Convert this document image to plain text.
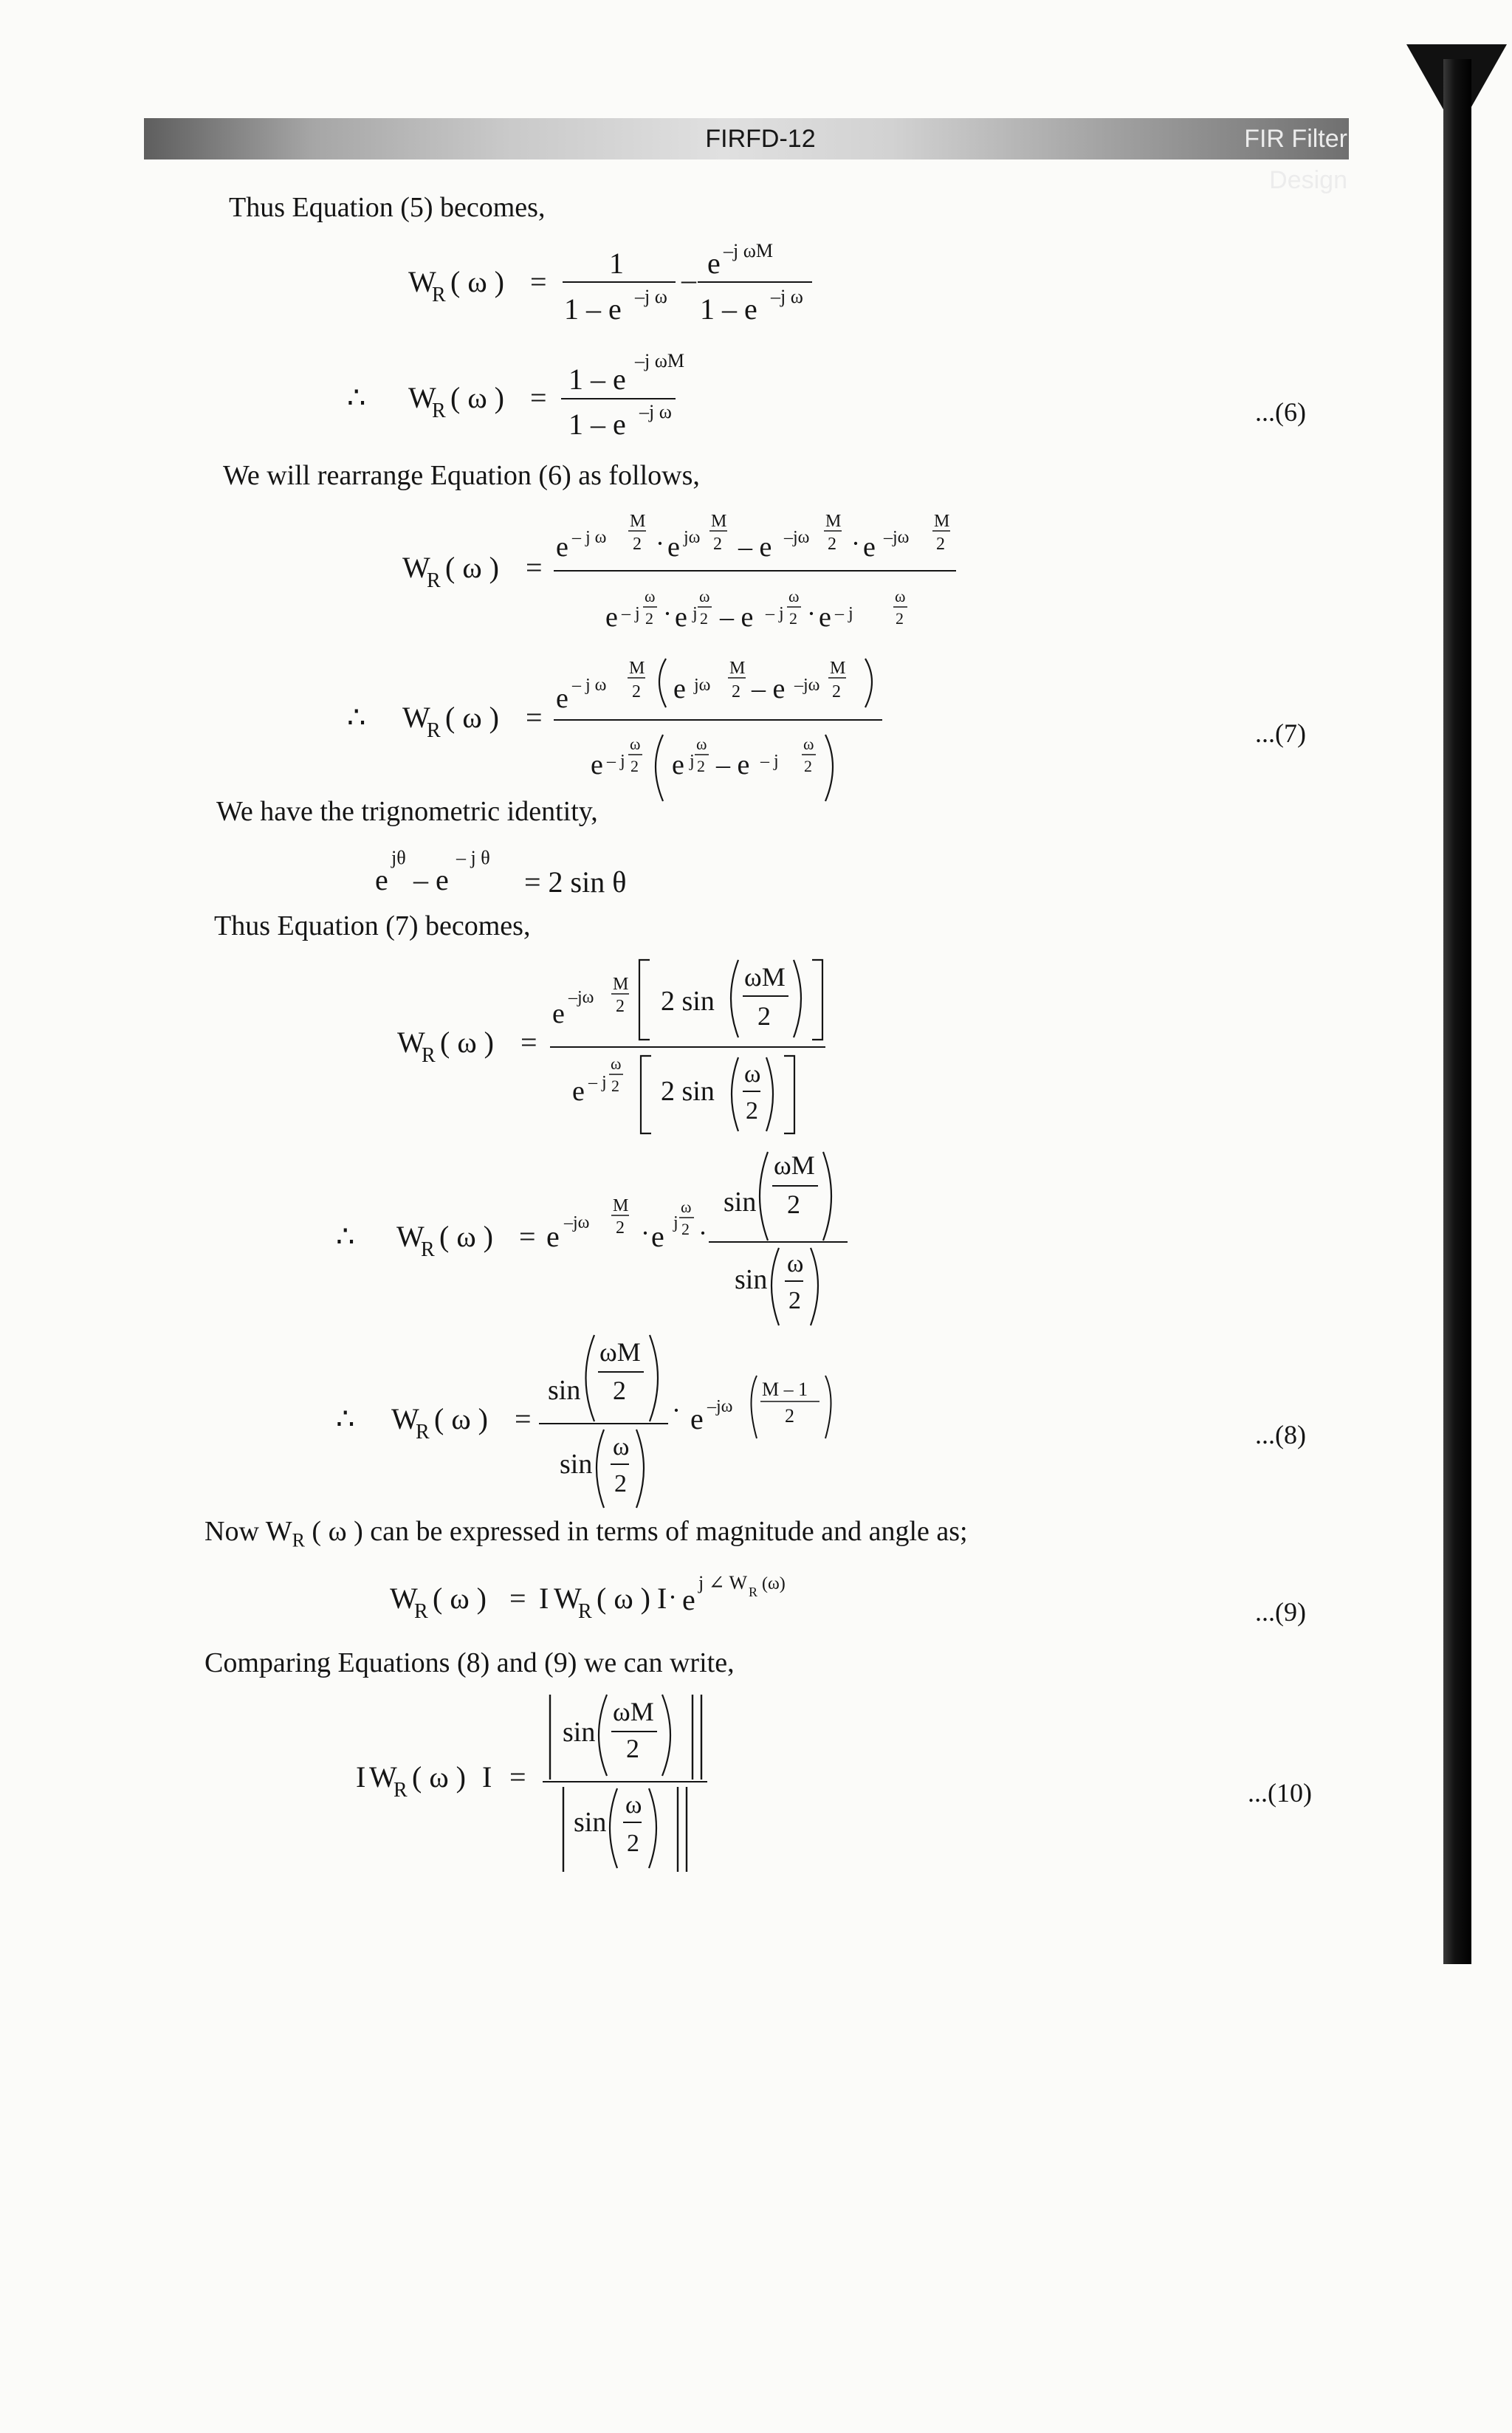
FIRFD-12	FIR Filter Design
Thus Equation (5) becomes,
We will rearrange Equation (6) as follows,
We have the trignometric identity,
Thus Equation (7) becomes,
Now $W_R$ ( ω ) can be expressed in terms of magnitude and angle as;
Comparing Equations (8) and (9) we can write,
...(6)
...(7)
...(8)
...(9)
...(10)
W
R ( ω ) =
1
1 – e –j ω
– e –j ωM
1 – e –j ω
∴ W
R ( ω ) =
1 – e
–j ωM
1 – e –j ω
W
R ( ω ) =
e – j ω
M
2 · e jω
M
2 – e –jω
M
2 · e –jω
M
2
e – j
ω
2 · e j
ω
2 – e – j
ω
2 · e – j
ω
2
∴ W
R ( ω ) =
e – j ω
M
2 e jω
M
2 – e –jω
M
2
e – j
ω
2 e j
ω
2 – e – j
ω
2
e
jθ
– e
– j θ
= 2 sin θ
W
R ( ω ) =
e
–jω
M
2 2 sin
ωM
2
e – j
ω
2 2 sin
ω
2
∴ W
R ( ω ) = e –jω
M
2 · e j
ω
2 ·
sin
ωM
2
sin
ω
2
∴ W
R ( ω ) =
sin
ωM
2
sin
ω
2
· e –jω
M – 1
2
W
R ( ω ) = I W
R ( ω ) I · e
j ∠ W R (ω)
I W
R ( ω ) I =
sin
ωM
2
sin
ω
2
